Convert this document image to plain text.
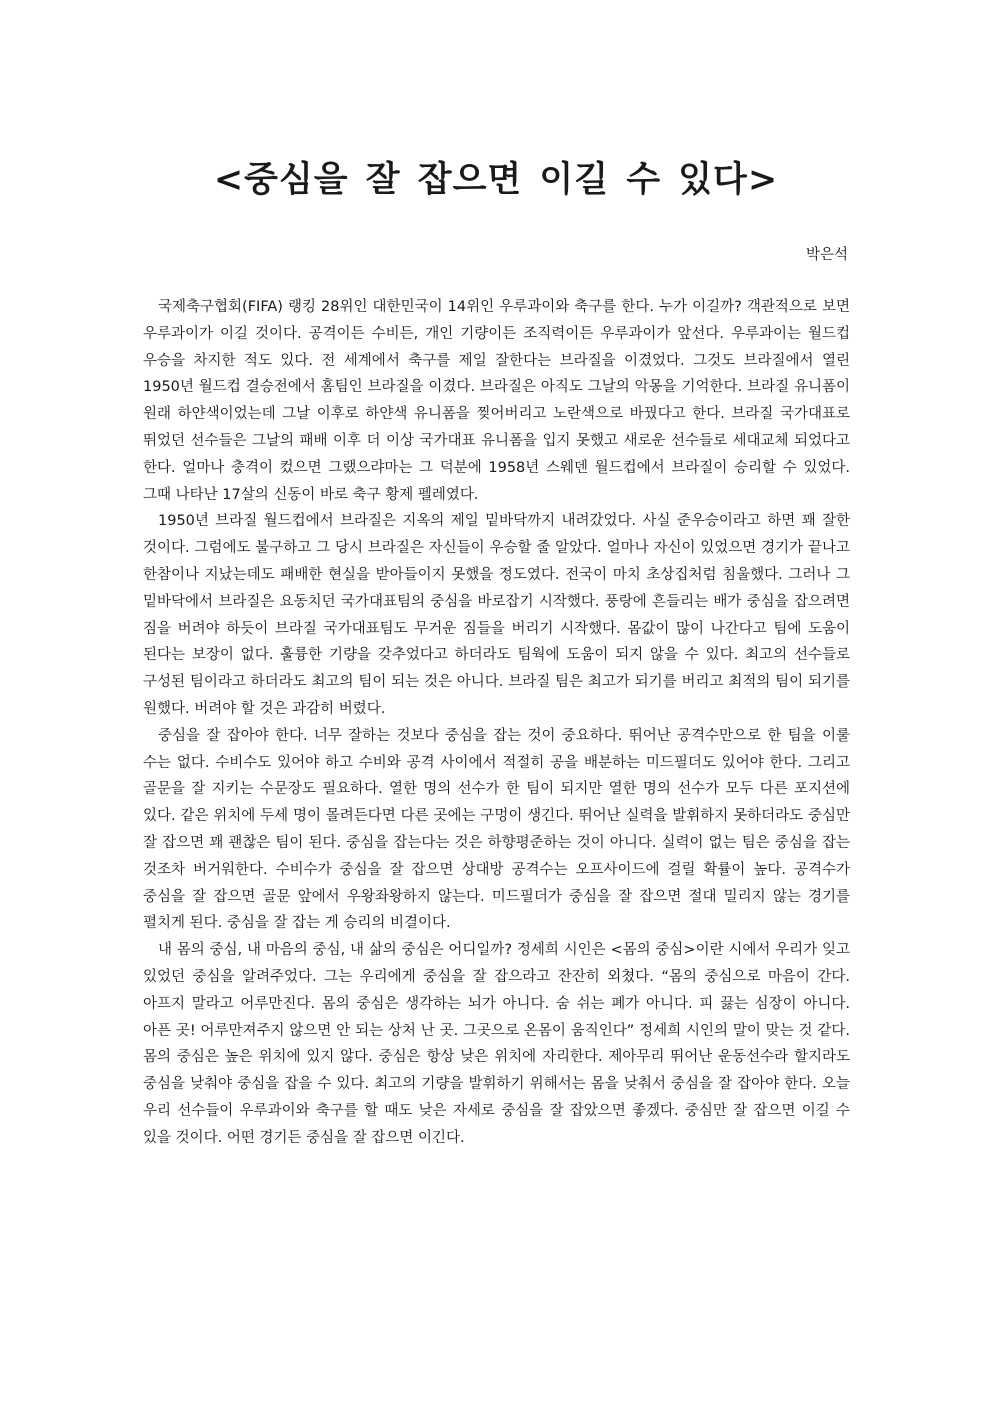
<중심을 잘 잡으면 이길 수 있다>
박은석

국제축구협회(FIFA) 랭킹 28위인 대한민국이 14위인 우루과이와 축구를 한다. 누가 이길까? 객관적으로 보면 우루과이가 이길 것이다. 공격이든 수비든, 개인 기량이든 조직력이든 우루과이가 앞선다. 우루과이는 월드컵 우승을 차지한 적도 있다. 전 세계에서 축구를 제일 잘한다는 브라질을 이겼었다. 그것도 브라질에서 열린 1950년 월드컵 결승전에서 홈팀인 브라질을 이겼다. 브라질은 아직도 그날의 악몽을 기억한다. 브라질 유니폼이 원래 하얀색이었는데 그날 이후로 하얀색 유니폼을 찢어버리고 노란색으로 바꿨다고 한다. 브라질 국가대표로 뛰었던 선수들은 그날의 패배 이후 더 이상 국가대표 유니폼을 입지 못했고 새로운 선수들로 세대교체 되었다고 한다. 얼마나 충격이 컸으면 그랬으랴마는 그 덕분에 1958년 스웨덴 월드컵에서 브라질이 승리할 수 있었다. 그때 나타난 17살의 신동이 바로 축구 황제 펠레였다.

1950년 브라질 월드컵에서 브라질은 지옥의 제일 밑바닥까지 내려갔었다. 사실 준우승이라고 하면 꽤 잘한 것이다. 그럼에도 불구하고 그 당시 브라질은 자신들이 우승할 줄 알았다. 얼마나 자신이 있었으면 경기가 끝나고 한참이나 지났는데도 패배한 현실을 받아들이지 못했을 정도였다. 전국이 마치 초상집처럼 침울했다. 그러나 그 밑바닥에서 브라질은 요동치던 국가대표팀의 중심을 바로잡기 시작했다. 풍랑에 흔들리는 배가 중심을 잡으려면 짐을 버려야 하듯이 브라질 국가대표팀도 무거운 짐들을 버리기 시작했다. 몸값이 많이 나간다고 팀에 도움이 된다는 보장이 없다. 훌륭한 기량을 갖추었다고 하더라도 팀웍에 도움이 되지 않을 수 있다. 최고의 선수들로 구성된 팀이라고 하더라도 최고의 팀이 되는 것은 아니다. 브라질 팀은 최고가 되기를 버리고 최적의 팀이 되기를 원했다. 버려야 할 것은 과감히 버렸다.

중심을 잘 잡아야 한다. 너무 잘하는 것보다 중심을 잡는 것이 중요하다. 뛰어난 공격수만으로 한 팀을 이룰 수는 없다. 수비수도 있어야 하고 수비와 공격 사이에서 적절히 공을 배분하는 미드필더도 있어야 한다. 그리고 골문을 잘 지키는 수문장도 필요하다. 열한 명의 선수가 한 팀이 되지만 열한 명의 선수가 모두 다른 포지션에 있다. 같은 위치에 두세 명이 몰려든다면 다른 곳에는 구멍이 생긴다. 뛰어난 실력을 발휘하지 못하더라도 중심만 잘 잡으면 꽤 괜찮은 팀이 된다. 중심을 잡는다는 것은 하향평준하는 것이 아니다. 실력이 없는 팀은 중심을 잡는 것조차 버거워한다. 수비수가 중심을 잘 잡으면 상대방 공격수는 오프사이드에 걸릴 확률이 높다. 공격수가 중심을 잘 잡으면 골문 앞에서 우왕좌왕하지 않는다. 미드필더가 중심을 잘 잡으면 절대 밀리지 않는 경기를 펼치게 된다. 중심을 잘 잡는 게 승리의 비결이다.

내 몸의 중심, 내 마음의 중심, 내 삶의 중심은 어디일까? 정세희 시인은 <몸의 중심>이란 시에서 우리가 잊고 있었던 중심을 알려주었다. 그는 우리에게 중심을 잘 잡으라고 잔잔히 외쳤다. “몸의 중심으로 마음이 간다. 아프지 말라고 어루만진다. 몸의 중심은 생각하는 뇌가 아니다. 숨 쉬는 폐가 아니다. 피 끓는 심장이 아니다. 아픈 곳! 어루만져주지 않으면 안 되는 상처 난 곳. 그곳으로 온몸이 움직인다” 정세희 시인의 말이 맞는 것 같다. 몸의 중심은 높은 위치에 있지 않다. 중심은 항상 낮은 위치에 자리한다. 제아무리 뛰어난 운동선수라 할지라도 중심을 낮춰야 중심을 잡을 수 있다. 최고의 기량을 발휘하기 위해서는 몸을 낮춰서 중심을 잘 잡아야 한다. 오늘 우리 선수들이 우루과이와 축구를 할 때도 낮은 자세로 중심을 잘 잡았으면 좋겠다. 중심만 잘 잡으면 이길 수 있을 것이다. 어떤 경기든 중심을 잘 잡으면 이긴다.
